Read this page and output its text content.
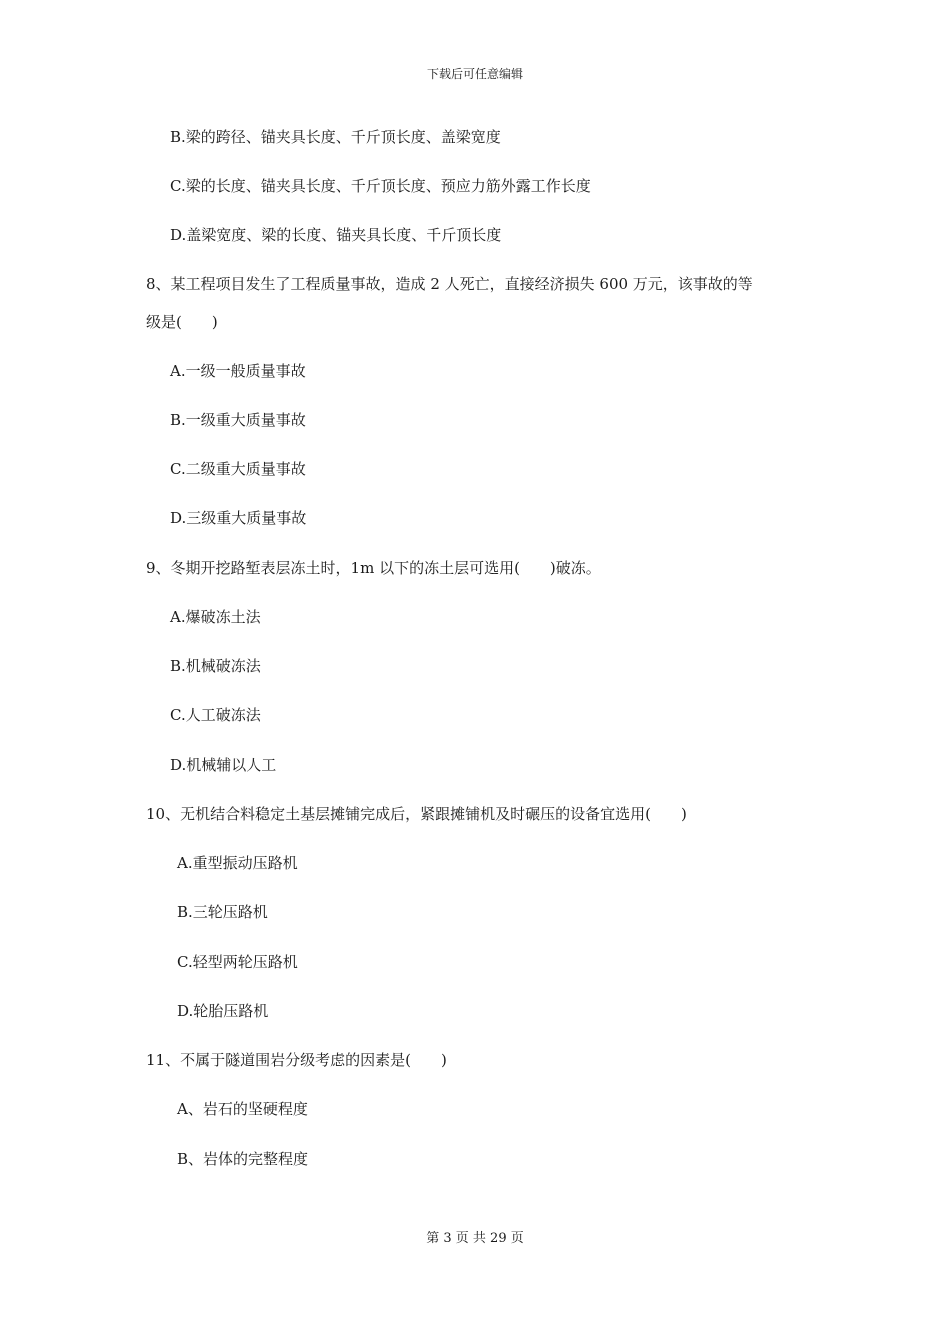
下载后可任意编辑
B.梁的跨径、锚夹具长度、千斤顶长度、盖梁宽度
C.梁的长度、锚夹具长度、千斤顶长度、预应力筋外露工作长度
D.盖梁宽度、梁的长度、锚夹具长度、千斤顶长度
8、某工程项目发生了工程质量事故，造成 2 人死亡，直接经济损失 600 万元，该事故的等
级是(　　)
A.一级一般质量事故
B.一级重大质量事故
C.二级重大质量事故
D.三级重大质量事故
9、冬期开挖路堑表层冻土时，1m 以下的冻土层可选用(　　)破冻。
A.爆破冻土法
B.机械破冻法
C.人工破冻法
D.机械辅以人工
10、无机结合料稳定土基层摊铺完成后，紧跟摊铺机及时碾压的设备宜选用(　　)
A.重型振动压路机
B.三轮压路机
C.轻型两轮压路机
D.轮胎压路机
11、不属于隧道围岩分级考虑的因素是(　　)
A、岩石的坚硬程度
B、岩体的完整程度
第 3 页 共 29 页
